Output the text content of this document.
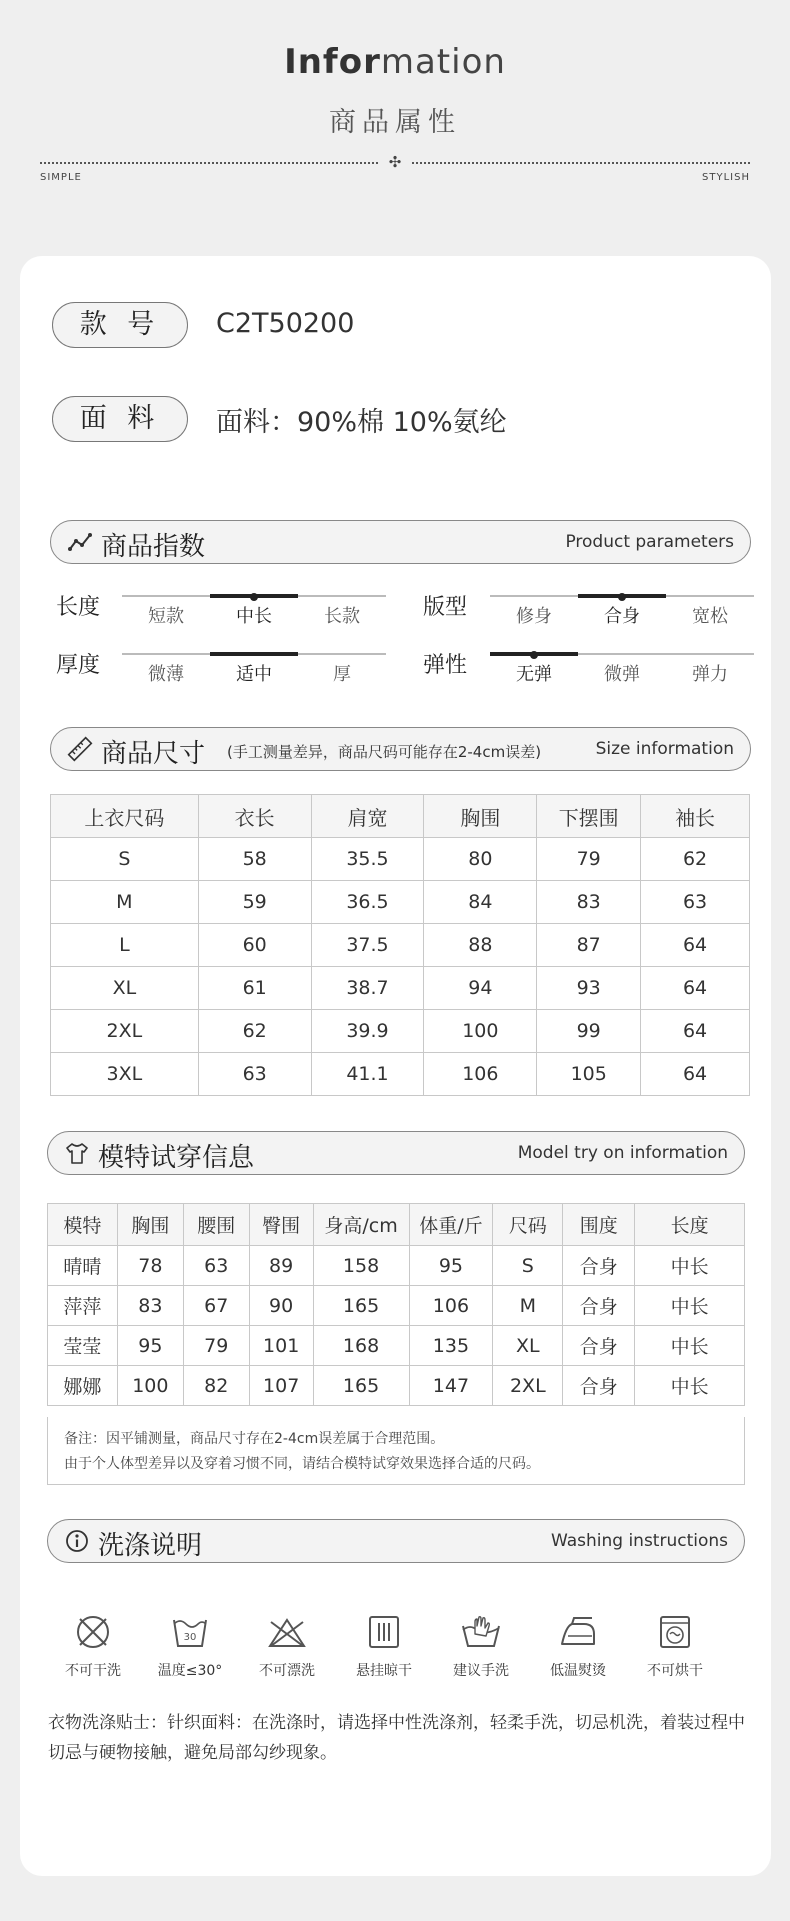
Information
商品属性
✣
SIMPLE	STYLISH
款 号	C2T50200
面 料	面料：90%棉 10%氨纶
商品指数	Product parameters
长度	短款	中长	长款	版型	修身	合身	宽松
厚度	微薄	适中	厚	弹性	无弹	微弹	弹力
商品尺寸 (手工测量差异，商品尺码可能存在2-4cm误差)	Size information
上衣尺码	衣长	肩宽	胸围	下摆围	袖长
S	58	35.5	80	79	62
M	59	36.5	84	83	63
L	60	37.5	88	87	64
XL	61	38.7	94	93	64
2XL	62	39.9	100	99	64
3XL	63	41.1	106	105	64
模特试穿信息	Model try on information
模特	胸围	腰围	臀围	身高/cm	体重/斤	尺码	围度	长度
晴晴	78	63	89	158	95	S	合身	中长
萍萍	83	67	90	165	106	M	合身	中长
莹莹	95	79	101	168	135	XL	合身	中长
娜娜	100	82	107	165	147	2XL	合身	中长
备注：因平铺测量，商品尺寸存在2-4cm误差属于合理范围。
由于个人体型差异以及穿着习惯不同，请结合模特试穿效果选择合适的尺码。
洗涤说明	Washing instructions
不可干洗
30
温度≤30°	不可漂洗	悬挂晾干	建议手洗	低温熨烫	不可烘干
衣物洗涤贴士：针织面料：在洗涤时，请选择中性洗涤剂，轻柔手洗，切忌机洗，着装过程中切忌与硬物接触，避免局部勾纱现象。
